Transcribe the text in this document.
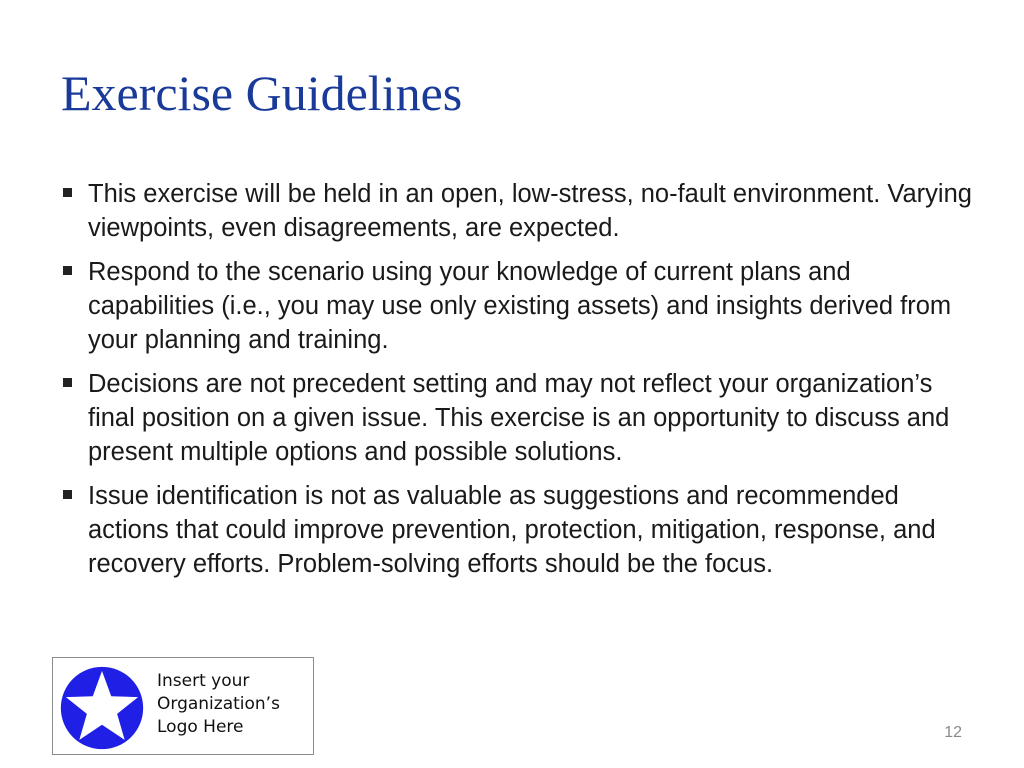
Exercise Guidelines
This exercise will be held in an open, low-stress, no-fault environment. Varying viewpoints, even disagreements, are expected.
Respond to the scenario using your knowledge of current plans and capabilities (i.e., you may use only existing assets) and insights derived from your planning and training.
Decisions are not precedent setting and may not reflect your organization’s final position on a given issue. This exercise is an opportunity to discuss and present multiple options and possible solutions.
Issue identification is not as valuable as suggestions and recommended actions that could improve prevention, protection, mitigation, response, and recovery efforts. Problem-solving efforts should be the focus.
Insert your
Organization’s
Logo Here	12
